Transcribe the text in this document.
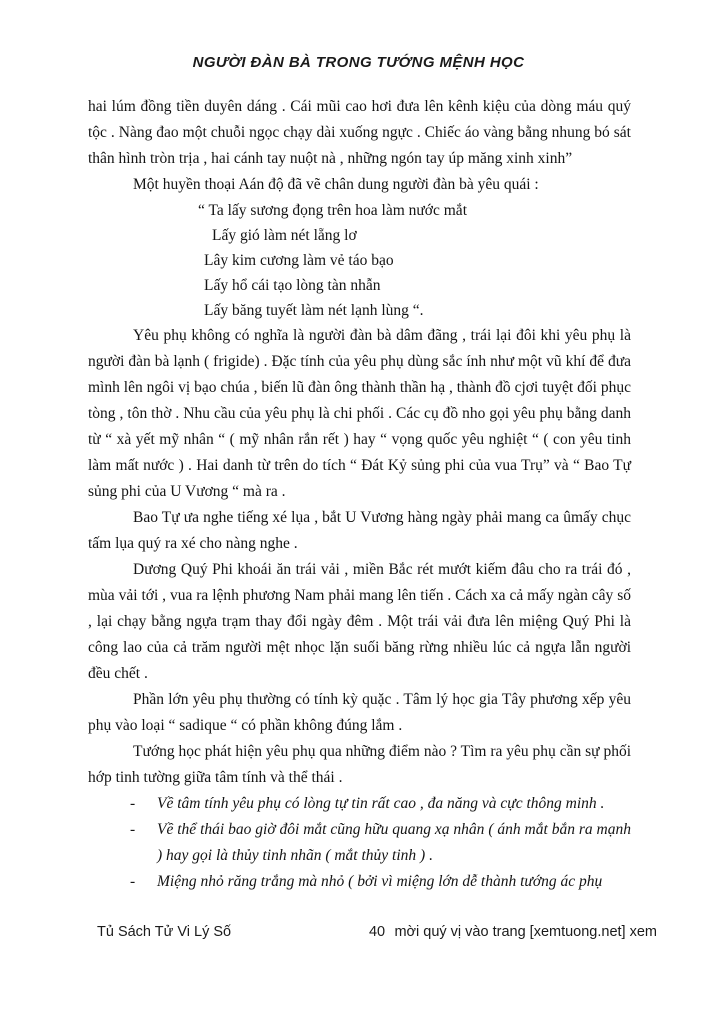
NGƯỜI ĐÀN BÀ TRONG TƯỚNG MỆNH HỌC

hai lúm đồng tiền duyên dáng . Cái mũi cao hơi đưa lên kênh kiệu của dòng máu quý tộc . Nàng đao một chuỗi ngọc chạy dài xuống ngực . Chiếc áo vàng bằng nhung bó sát thân hình tròn trịa , hai cánh tay nuột nà , những ngón tay úp măng xinh xinh”

Một huyền thoại Aán độ đã vẽ chân dung người đàn bà yêu quái :

“ Ta lấy sương đọng trên hoa làm nước mắt
Lấy gió làm nét lẵng lơ
Lây kim cương làm vẻ táo bạo
Lấy hổ cái tạo lòng tàn nhẫn
Lấy băng tuyết làm nét lạnh lùng “.

Yêu phụ không có nghĩa là người đàn bà dâm đãng , trái lại đôi khi yêu phụ là người đàn bà lạnh ( frigide) . Đặc tính của yêu phụ dùng sắc ính như một vũ khí để đưa mình lên ngôi vị bạo chúa , biến lũ đàn ông thành thần hạ , thành đồ cjơi tuyệt đối phục tòng , tôn thờ . Nhu cầu của yêu phụ là chi phối . Các cụ đồ nho gọi yêu phụ bằng danh từ “ xà yết mỹ nhân “ ( mỹ nhân rắn rết ) hay “ vọng quốc yêu nghiệt “ ( con yêu tinh làm mất nước ) . Hai danh từ trên do tích “ Đát Kỷ sủng phi của vua Trụ” và “ Bao Tự sủng phi của U Vương “ mà ra .

Bao Tự ưa nghe tiếng xé lụa , bắt U Vương hàng ngày phải mang ca ûmấy chục tấm lụa quý ra xé cho nàng nghe .

Dương Quý Phi khoái ăn trái vải , miền Bắc rét mướt kiếm đâu cho ra trái đó , mùa vải tới , vua ra lệnh phương Nam phải mang lên tiến . Cách xa cả mấy ngàn cây số , lại chạy bằng ngựa trạm thay đổi ngày đêm . Một trái vải đưa lên miệng Quý Phi là công lao của cả trăm người mệt nhọc lặn suối băng rừng nhiều lúc cả ngựa lẫn người đều chết .

Phần lớn yêu phụ thường có tính kỳ quặc . Tâm lý học gia Tây phương xếp yêu phụ vào loại “ sadique “ có phần không đúng lắm .

Tướng học phát hiện yêu phụ qua những điểm nào ? Tìm ra yêu phụ cần sự phối hớp tinh tường giữa tâm tính và thể thái .

- Về tâm tính yêu phụ có lòng tự tin rất cao , đa năng và cực thông minh .
- Về thể thái bao giờ đôi mắt cũng hữu quang xạ nhân ( ánh mắt bắn ra mạnh ) hay gọi là thủy tinh nhãn ( mắt thủy tinh ) .
- Miệng nhỏ răng trắng mà nhỏ ( bởi vì miệng lớn dễ thành tướng ác phụ
Tủ Sách Tử Vi Lý Số	40 mời quý vị vào trang [xemtuong.net] xem
